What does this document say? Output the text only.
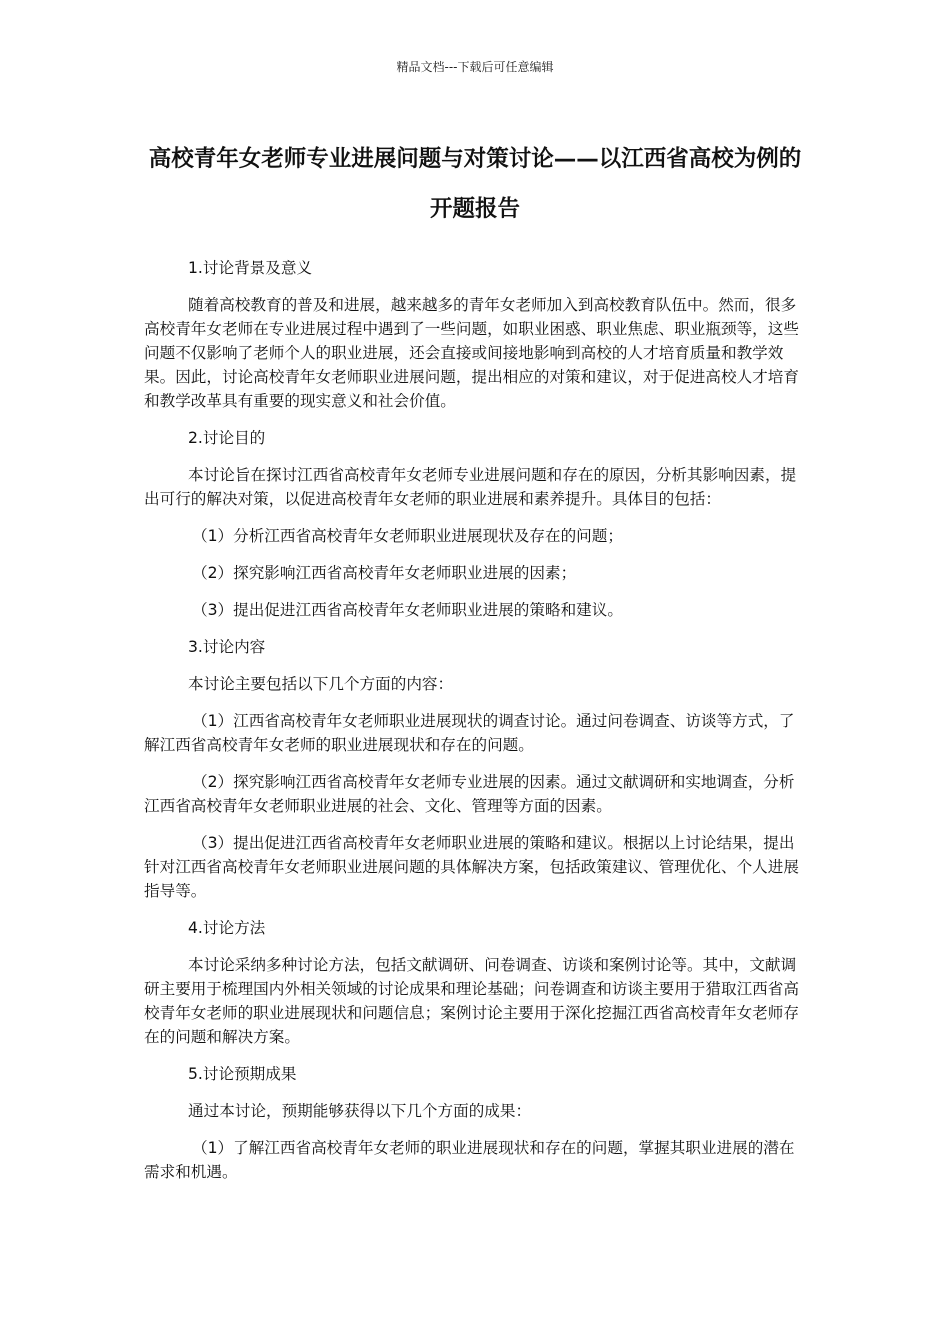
精品文档---下载后可任意编辑
高校青年女老师专业进展问题与对策讨论——以江西省高校为例的开题报告

1.讨论背景及意义

随着高校教育的普及和进展，越来越多的青年女老师加入到高校教育队伍中。然而，很多高校青年女老师在专业进展过程中遇到了一些问题，如职业困惑、职业焦虑、职业瓶颈等，这些问题不仅影响了老师个人的职业进展，还会直接或间接地影响到高校的人才培育质量和教学效果。因此，讨论高校青年女老师职业进展问题，提出相应的对策和建议，对于促进高校人才培育和教学改革具有重要的现实意义和社会价值。

2.讨论目的

本讨论旨在探讨江西省高校青年女老师专业进展问题和存在的原因，分析其影响因素，提出可行的解决对策，以促进高校青年女老师的职业进展和素养提升。具体目的包括：

（1）分析江西省高校青年女老师职业进展现状及存在的问题；

（2）探究影响江西省高校青年女老师职业进展的因素；

（3）提出促进江西省高校青年女老师职业进展的策略和建议。

3.讨论内容

本讨论主要包括以下几个方面的内容：

（1）江西省高校青年女老师职业进展现状的调查讨论。通过问卷调查、访谈等方式，了解江西省高校青年女老师的职业进展现状和存在的问题。

（2）探究影响江西省高校青年女老师专业进展的因素。通过文献调研和实地调查，分析江西省高校青年女老师职业进展的社会、文化、管理等方面的因素。

（3）提出促进江西省高校青年女老师职业进展的策略和建议。根据以上讨论结果，提出针对江西省高校青年女老师职业进展问题的具体解决方案，包括政策建议、管理优化、个人进展指导等。

4.讨论方法

本讨论采纳多种讨论方法，包括文献调研、问卷调查、访谈和案例讨论等。其中，文献调研主要用于梳理国内外相关领域的讨论成果和理论基础；问卷调查和访谈主要用于猎取江西省高校青年女老师的职业进展现状和问题信息；案例讨论主要用于深化挖掘江西省高校青年女老师存在的问题和解决方案。

5.讨论预期成果

通过本讨论，预期能够获得以下几个方面的成果：

（1）了解江西省高校青年女老师的职业进展现状和存在的问题，掌握其职业进展的潜在需求和机遇。
